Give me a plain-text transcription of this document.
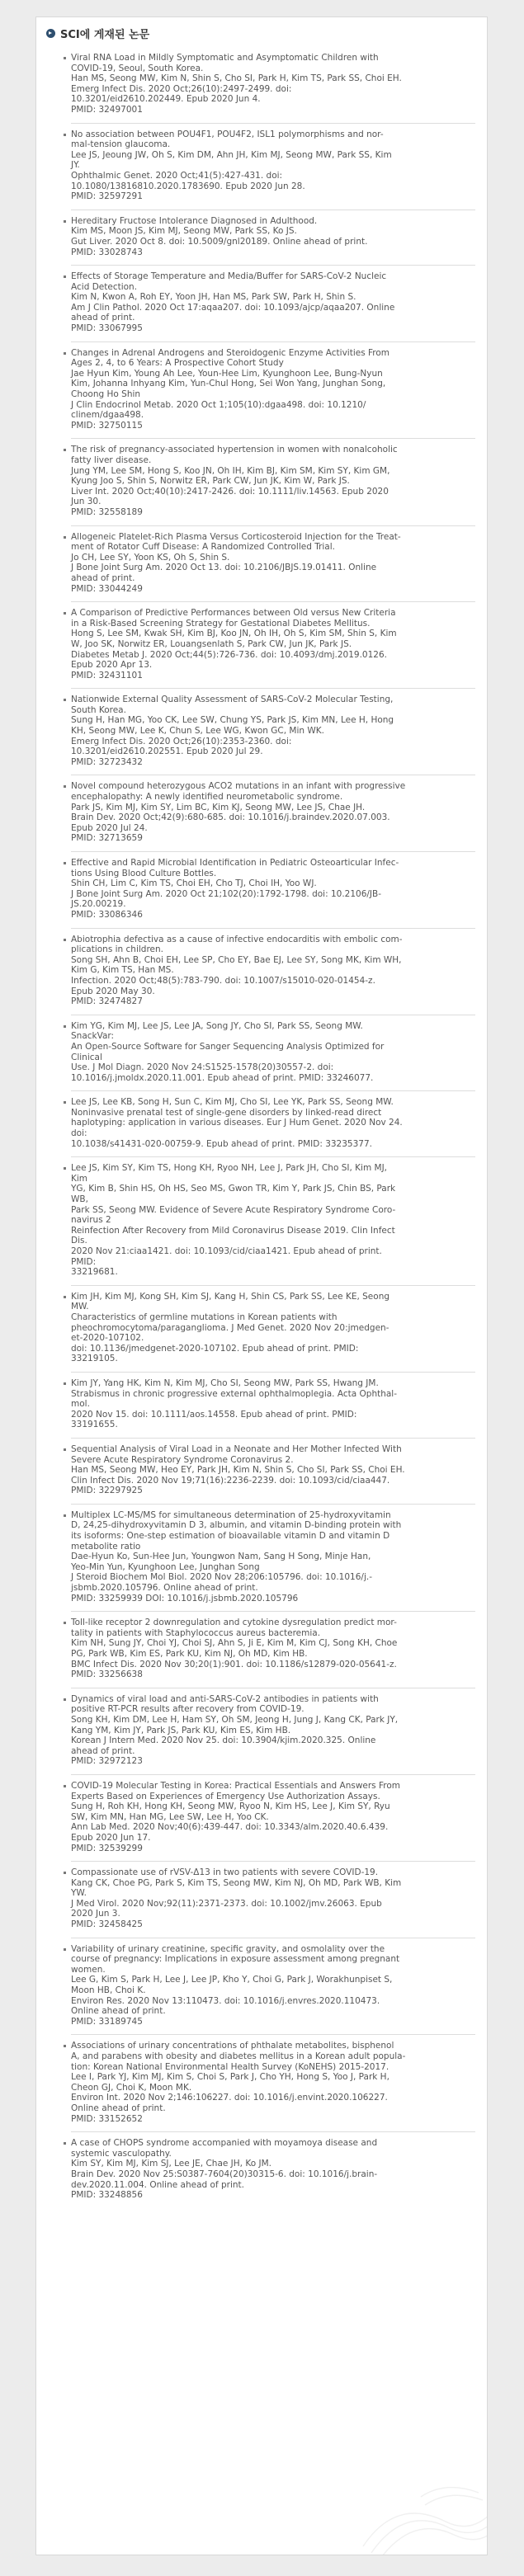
SCI에 게재된 논문
Viral RNA Load in Mildly Symptomatic and Asymptomatic Children with
COVID-19, Seoul, South Korea.
Han MS, Seong MW, Kim N, Shin S, Cho SI, Park H, Kim TS, Park SS, Choi EH.
Emerg Infect Dis. 2020 Oct;26(10):2497-2499. doi:
10.3201/eid2610.202449. Epub 2020 Jun 4.
PMID: 32497001
No association between POU4F1, POU4F2, ISL1 polymorphisms and nor-
mal-tension glaucoma.
Lee JS, Jeoung JW, Oh S, Kim DM, Ahn JH, Kim MJ, Seong MW, Park SS, Kim
JY.
Ophthalmic Genet. 2020 Oct;41(5):427-431. doi:
10.1080/13816810.2020.1783690. Epub 2020 Jun 28.
PMID: 32597291
Hereditary Fructose Intolerance Diagnosed in Adulthood.
Kim MS, Moon JS, Kim MJ, Seong MW, Park SS, Ko JS.
Gut Liver. 2020 Oct 8. doi: 10.5009/gnl20189. Online ahead of print.
PMID: 33028743
Effects of Storage Temperature and Media/Buffer for SARS-CoV-2 Nucleic
Acid Detection.
Kim N, Kwon A, Roh EY, Yoon JH, Han MS, Park SW, Park H, Shin S.
Am J Clin Pathol. 2020 Oct 17:aqaa207. doi: 10.1093/ajcp/aqaa207. Online
ahead of print.
PMID: 33067995
Changes in Adrenal Androgens and Steroidogenic Enzyme Activities From
Ages 2, 4, to 6 Years: A Prospective Cohort Study
Jae Hyun Kim, Young Ah Lee, Youn-Hee Lim, Kyunghoon Lee, Bung-Nyun
Kim, Johanna Inhyang Kim, Yun-Chul Hong, Sei Won Yang, Junghan Song,
Choong Ho Shin
J Clin Endocrinol Metab. 2020 Oct 1;105(10):dgaa498. doi: 10.1210/
clinem/dgaa498.
PMID: 32750115
The risk of pregnancy-associated hypertension in women with nonalcoholic
fatty liver disease.
Jung YM, Lee SM, Hong S, Koo JN, Oh IH, Kim BJ, Kim SM, Kim SY, Kim GM,
Kyung Joo S, Shin S, Norwitz ER, Park CW, Jun JK, Kim W, Park JS.
Liver Int. 2020 Oct;40(10):2417-2426. doi: 10.1111/liv.14563. Epub 2020
Jun 30.
PMID: 32558189
Allogeneic Platelet-Rich Plasma Versus Corticosteroid Injection for the Treat-
ment of Rotator Cuff Disease: A Randomized Controlled Trial.
Jo CH, Lee SY, Yoon KS, Oh S, Shin S.
J Bone Joint Surg Am. 2020 Oct 13. doi: 10.2106/JBJS.19.01411. Online
ahead of print.
PMID: 33044249
A Comparison of Predictive Performances between Old versus New Criteria
in a Risk-Based Screening Strategy for Gestational Diabetes Mellitus.
Hong S, Lee SM, Kwak SH, Kim BJ, Koo JN, Oh IH, Oh S, Kim SM, Shin S, Kim
W, Joo SK, Norwitz ER, Louangsenlath S, Park CW, Jun JK, Park JS.
Diabetes Metab J. 2020 Oct;44(5):726-736. doi: 10.4093/dmj.2019.0126.
Epub 2020 Apr 13.
PMID: 32431101
Nationwide External Quality Assessment of SARS-CoV-2 Molecular Testing,
South Korea.
Sung H, Han MG, Yoo CK, Lee SW, Chung YS, Park JS, Kim MN, Lee H, Hong
KH, Seong MW, Lee K, Chun S, Lee WG, Kwon GC, Min WK.
Emerg Infect Dis. 2020 Oct;26(10):2353-2360. doi:
10.3201/eid2610.202551. Epub 2020 Jul 29.
PMID: 32723432
Novel compound heterozygous ACO2 mutations in an infant with progressive
encephalopathy: A newly identified neurometabolic syndrome.
Park JS, Kim MJ, Kim SY, Lim BC, Kim KJ, Seong MW, Lee JS, Chae JH.
Brain Dev. 2020 Oct;42(9):680-685. doi: 10.1016/j.braindev.2020.07.003.
Epub 2020 Jul 24.
PMID: 32713659
Effective and Rapid Microbial Identification in Pediatric Osteoarticular Infec-
tions Using Blood Culture Bottles.
Shin CH, Lim C, Kim TS, Choi EH, Cho TJ, Choi IH, Yoo WJ.
J Bone Joint Surg Am. 2020 Oct 21;102(20):1792-1798. doi: 10.2106/JB-
JS.20.00219.
PMID: 33086346
Abiotrophia defectiva as a cause of infective endocarditis with embolic com-
plications in children.
Song SH, Ahn B, Choi EH, Lee SP, Cho EY, Bae EJ, Lee SY, Song MK, Kim WH,
Kim G, Kim TS, Han MS.
Infection. 2020 Oct;48(5):783-790. doi: 10.1007/s15010-020-01454-z.
Epub 2020 May 30.
PMID: 32474827
Kim YG, Kim MJ, Lee JS, Lee JA, Song JY, Cho SI, Park SS, Seong MW.
SnackVar:
An Open-Source Software for Sanger Sequencing Analysis Optimized for
Clinical
Use. J Mol Diagn. 2020 Nov 24:S1525-1578(20)30557-2. doi:
10.1016/j.jmoldx.2020.11.001. Epub ahead of print. PMID: 33246077.
Lee JS, Lee KB, Song H, Sun C, Kim MJ, Cho SI, Lee YK, Park SS, Seong MW.
Noninvasive prenatal test of single-gene disorders by linked-read direct
haplotyping: application in various diseases. Eur J Hum Genet. 2020 Nov 24.
doi:
10.1038/s41431-020-00759-9. Epub ahead of print. PMID: 33235377.
Lee JS, Kim SY, Kim TS, Hong KH, Ryoo NH, Lee J, Park JH, Cho SI, Kim MJ,
Kim
YG, Kim B, Shin HS, Oh HS, Seo MS, Gwon TR, Kim Y, Park JS, Chin BS, Park
WB,
Park SS, Seong MW. Evidence of Severe Acute Respiratory Syndrome Coro-
navirus 2
Reinfection After Recovery from Mild Coronavirus Disease 2019. Clin Infect
Dis.
2020 Nov 21:ciaa1421. doi: 10.1093/cid/ciaa1421. Epub ahead of print.
PMID:
33219681.
Kim JH, Kim MJ, Kong SH, Kim SJ, Kang H, Shin CS, Park SS, Lee KE, Seong
MW.
Characteristics of germline mutations in Korean patients with
pheochromocytoma/paraganglioma. J Med Genet. 2020 Nov 20:jmedgen-
et-2020-107102.
doi: 10.1136/jmedgenet-2020-107102. Epub ahead of print. PMID:
33219105.
Kim JY, Yang HK, Kim N, Kim MJ, Cho SI, Seong MW, Park SS, Hwang JM.
Strabismus in chronic progressive external ophthalmoplegia. Acta Ophthal-
mol.
2020 Nov 15. doi: 10.1111/aos.14558. Epub ahead of print. PMID:
33191655.
Sequential Analysis of Viral Load in a Neonate and Her Mother Infected With
Severe Acute Respiratory Syndrome Coronavirus 2.
Han MS, Seong MW, Heo EY, Park JH, Kim N, Shin S, Cho SI, Park SS, Choi EH.
Clin Infect Dis. 2020 Nov 19;71(16):2236-2239. doi: 10.1093/cid/ciaa447.
PMID: 32297925
Multiplex LC-MS/MS for simultaneous determination of 25-hydroxyvitamin
D, 24,25-dihydroxyvitamin D 3, albumin, and vitamin D-binding protein with
its isoforms: One-step estimation of bioavailable vitamin D and vitamin D
metabolite ratio
Dae-Hyun Ko, Sun-Hee Jun, Youngwon Nam, Sang H Song, Minje Han,
Yeo-Min Yun, Kyunghoon Lee, Junghan Song
J Steroid Biochem Mol Biol. 2020 Nov 28;206:105796. doi: 10.1016/j.-
jsbmb.2020.105796. Online ahead of print.
PMID: 33259939 DOI: 10.1016/j.jsbmb.2020.105796
Toll-like receptor 2 downregulation and cytokine dysregulation predict mor-
tality in patients with Staphylococcus aureus bacteremia.
Kim NH, Sung JY, Choi YJ, Choi SJ, Ahn S, Ji E, Kim M, Kim CJ, Song KH, Choe
PG, Park WB, Kim ES, Park KU, Kim NJ, Oh MD, Kim HB.
BMC Infect Dis. 2020 Nov 30;20(1):901. doi: 10.1186/s12879-020-05641-z.
PMID: 33256638
Dynamics of viral load and anti-SARS-CoV-2 antibodies in patients with
positive RT-PCR results after recovery from COVID-19.
Song KH, Kim DM, Lee H, Ham SY, Oh SM, Jeong H, Jung J, Kang CK, Park JY,
Kang YM, Kim JY, Park JS, Park KU, Kim ES, Kim HB.
Korean J Intern Med. 2020 Nov 25. doi: 10.3904/kjim.2020.325. Online
ahead of print.
PMID: 32972123
COVID-19 Molecular Testing in Korea: Practical Essentials and Answers From
Experts Based on Experiences of Emergency Use Authorization Assays.
Sung H, Roh KH, Hong KH, Seong MW, Ryoo N, Kim HS, Lee J, Kim SY, Ryu
SW, Kim MN, Han MG, Lee SW, Lee H, Yoo CK.
Ann Lab Med. 2020 Nov;40(6):439-447. doi: 10.3343/alm.2020.40.6.439.
Epub 2020 Jun 17.
PMID: 32539299
Compassionate use of rVSV-Δ13 in two patients with severe COVID-19.
Kang CK, Choe PG, Park S, Kim TS, Seong MW, Kim NJ, Oh MD, Park WB, Kim
YW.
J Med Virol. 2020 Nov;92(11):2371-2373. doi: 10.1002/jmv.26063. Epub
2020 Jun 3.
PMID: 32458425
Variability of urinary creatinine, specific gravity, and osmolality over the
course of pregnancy: Implications in exposure assessment among pregnant
women.
Lee G, Kim S, Park H, Lee J, Lee JP, Kho Y, Choi G, Park J, Worakhunpiset S,
Moon HB, Choi K.
Environ Res. 2020 Nov 13:110473. doi: 10.1016/j.envres.2020.110473.
Online ahead of print.
PMID: 33189745
Associations of urinary concentrations of phthalate metabolites, bisphenol
A, and parabens with obesity and diabetes mellitus in a Korean adult popula-
tion: Korean National Environmental Health Survey (KoNEHS) 2015-2017.
Lee I, Park YJ, Kim MJ, Kim S, Choi S, Park J, Cho YH, Hong S, Yoo J, Park H,
Cheon GJ, Choi K, Moon MK.
Environ Int. 2020 Nov 2;146:106227. doi: 10.1016/j.envint.2020.106227.
Online ahead of print.
PMID: 33152652
A case of CHOPS syndrome accompanied with moyamoya disease and
systemic vasculopathy.
Kim SY, Kim MJ, Kim SJ, Lee JE, Chae JH, Ko JM.
Brain Dev. 2020 Nov 25:S0387-7604(20)30315-6. doi: 10.1016/j.brain-
dev.2020.11.004. Online ahead of print.
PMID: 33248856
